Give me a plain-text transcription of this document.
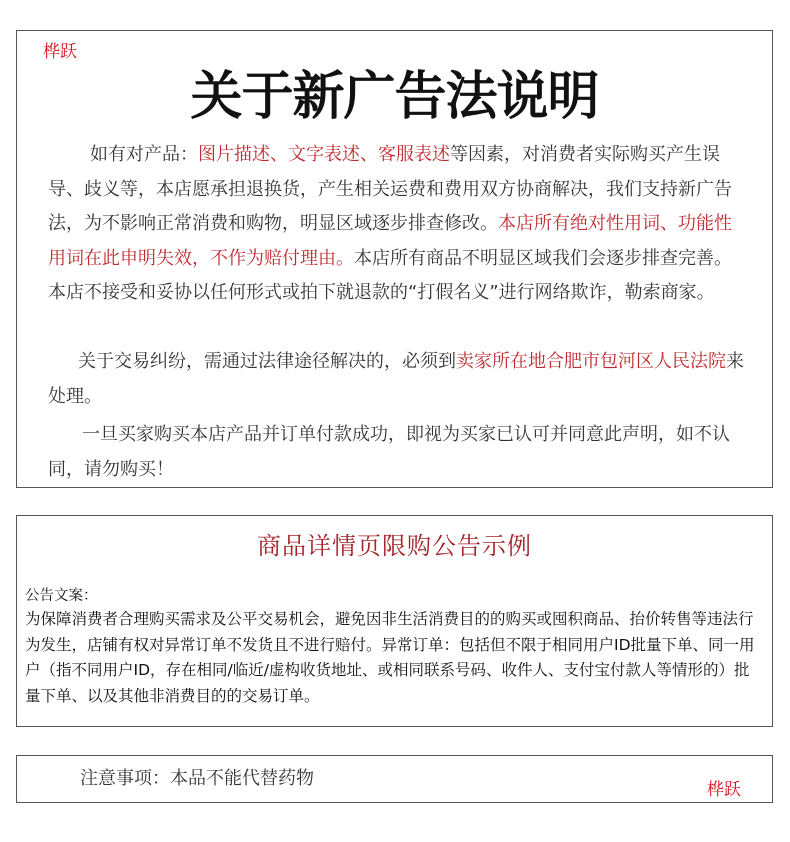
桦跃
关于新广告法说明

如有对产品：图片描述、文字表述、客服表述等因素，对消费者实际购买产生误导、歧义等，本店愿承担退换货，产生相关运费和费用双方协商解决，我们支持新广告法，为不影响正常消费和购物，明显区域逐步排查修改。本店所有绝对性用词、功能性用词在此申明失效，不作为赔付理由。本店所有商品不明显区域我们会逐步排查完善。本店不接受和妥协以任何形式或拍下就退款的“打假名义”进行网络欺诈，勒索商家。

关于交易纠纷，需通过法律途径解决的，必须到卖家所在地合肥市包河区人民法院来处理。

一旦买家购买本店产品并订单付款成功，即视为买家已认可并同意此声明，如不认同，请勿购买！

商品详情页限购公告示例
公告文案：

为保障消费者合理购买需求及公平交易机会，避免因非生活消费目的的购买或囤积商品、抬价转售等违法行为发生，店铺有权对异常订单不发货且不进行赔付。异常订单：包括但不限于相同用户ID批量下单、同一用户（指不同用户ID，存在相同/临近/虚构收货地址、或相同联系号码、收件人、支付宝付款人等情形的）批量下单、以及其他非消费目的的交易订单。

注意事项：本品不能代替药物
桦跃
